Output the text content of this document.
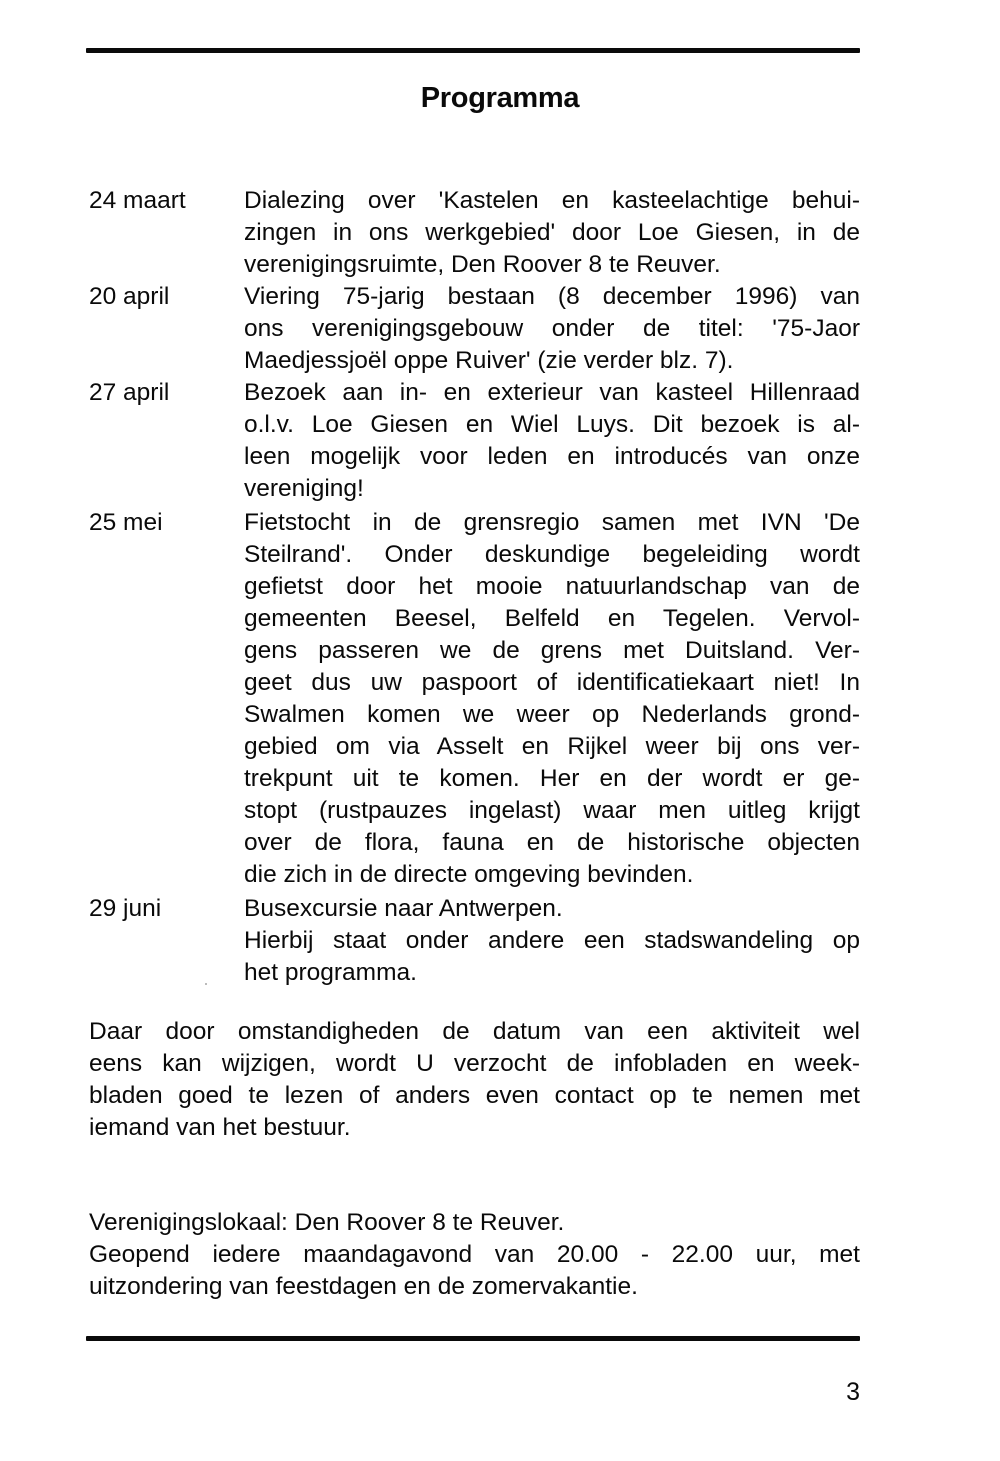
Programma
24 maart Dialezing over 'Kastelen en kasteelachtige behui-
zingen in ons werkgebied' door Loe Giesen, in de
verenigingsruimte, Den Roover 8 te Reuver.
20 april	Viering 75-jarig bestaan (8 december 1996) van
ons verenigingsgebouw onder de titel: '75-Jaor
Maedjessjoël oppe Ruiver' (zie verder blz. 7).
27 april	Bezoek aan in- en exterieur van kasteel Hillenraad
o.l.v. Loe Giesen en Wiel Luys. Dit bezoek is al-
leen mogelijk voor leden en introducés van onze
vereniging!
25 mei	Fietstocht in de grensregio samen met IVN 'De
Steilrand'. Onder deskundige begeleiding wordt
gefietst door het mooie natuurlandschap van de
gemeenten Beesel, Belfeld en Tegelen. Vervol-
gens passeren we de grens met Duitsland. Ver-
geet dus uw paspoort of identificatiekaart niet! In
Swalmen komen we weer op Nederlands grond-
gebied om via Asselt en Rijkel weer bij ons ver-
trekpunt uit te komen. Her en der wordt er ge-
stopt (rustpauzes ingelast) waar men uitleg krijgt
over de flora, fauna en de historische objecten
die zich in de directe omgeving bevinden.
29 juni	Busexcursie naar Antwerpen.
Hierbij staat onder andere een stadswandeling op
het programma.
Daar door omstandigheden de datum van een aktiviteit wel
eens kan wijzigen, wordt U verzocht de infobladen en week-
bladen goed te lezen of anders even contact op te nemen met
iemand van het bestuur.
Verenigingslokaal: Den Roover 8 te Reuver.
Geopend iedere maandagavond van 20.00 - 22.00 uur, met
uitzondering van feestdagen en de zomervakantie.
3
